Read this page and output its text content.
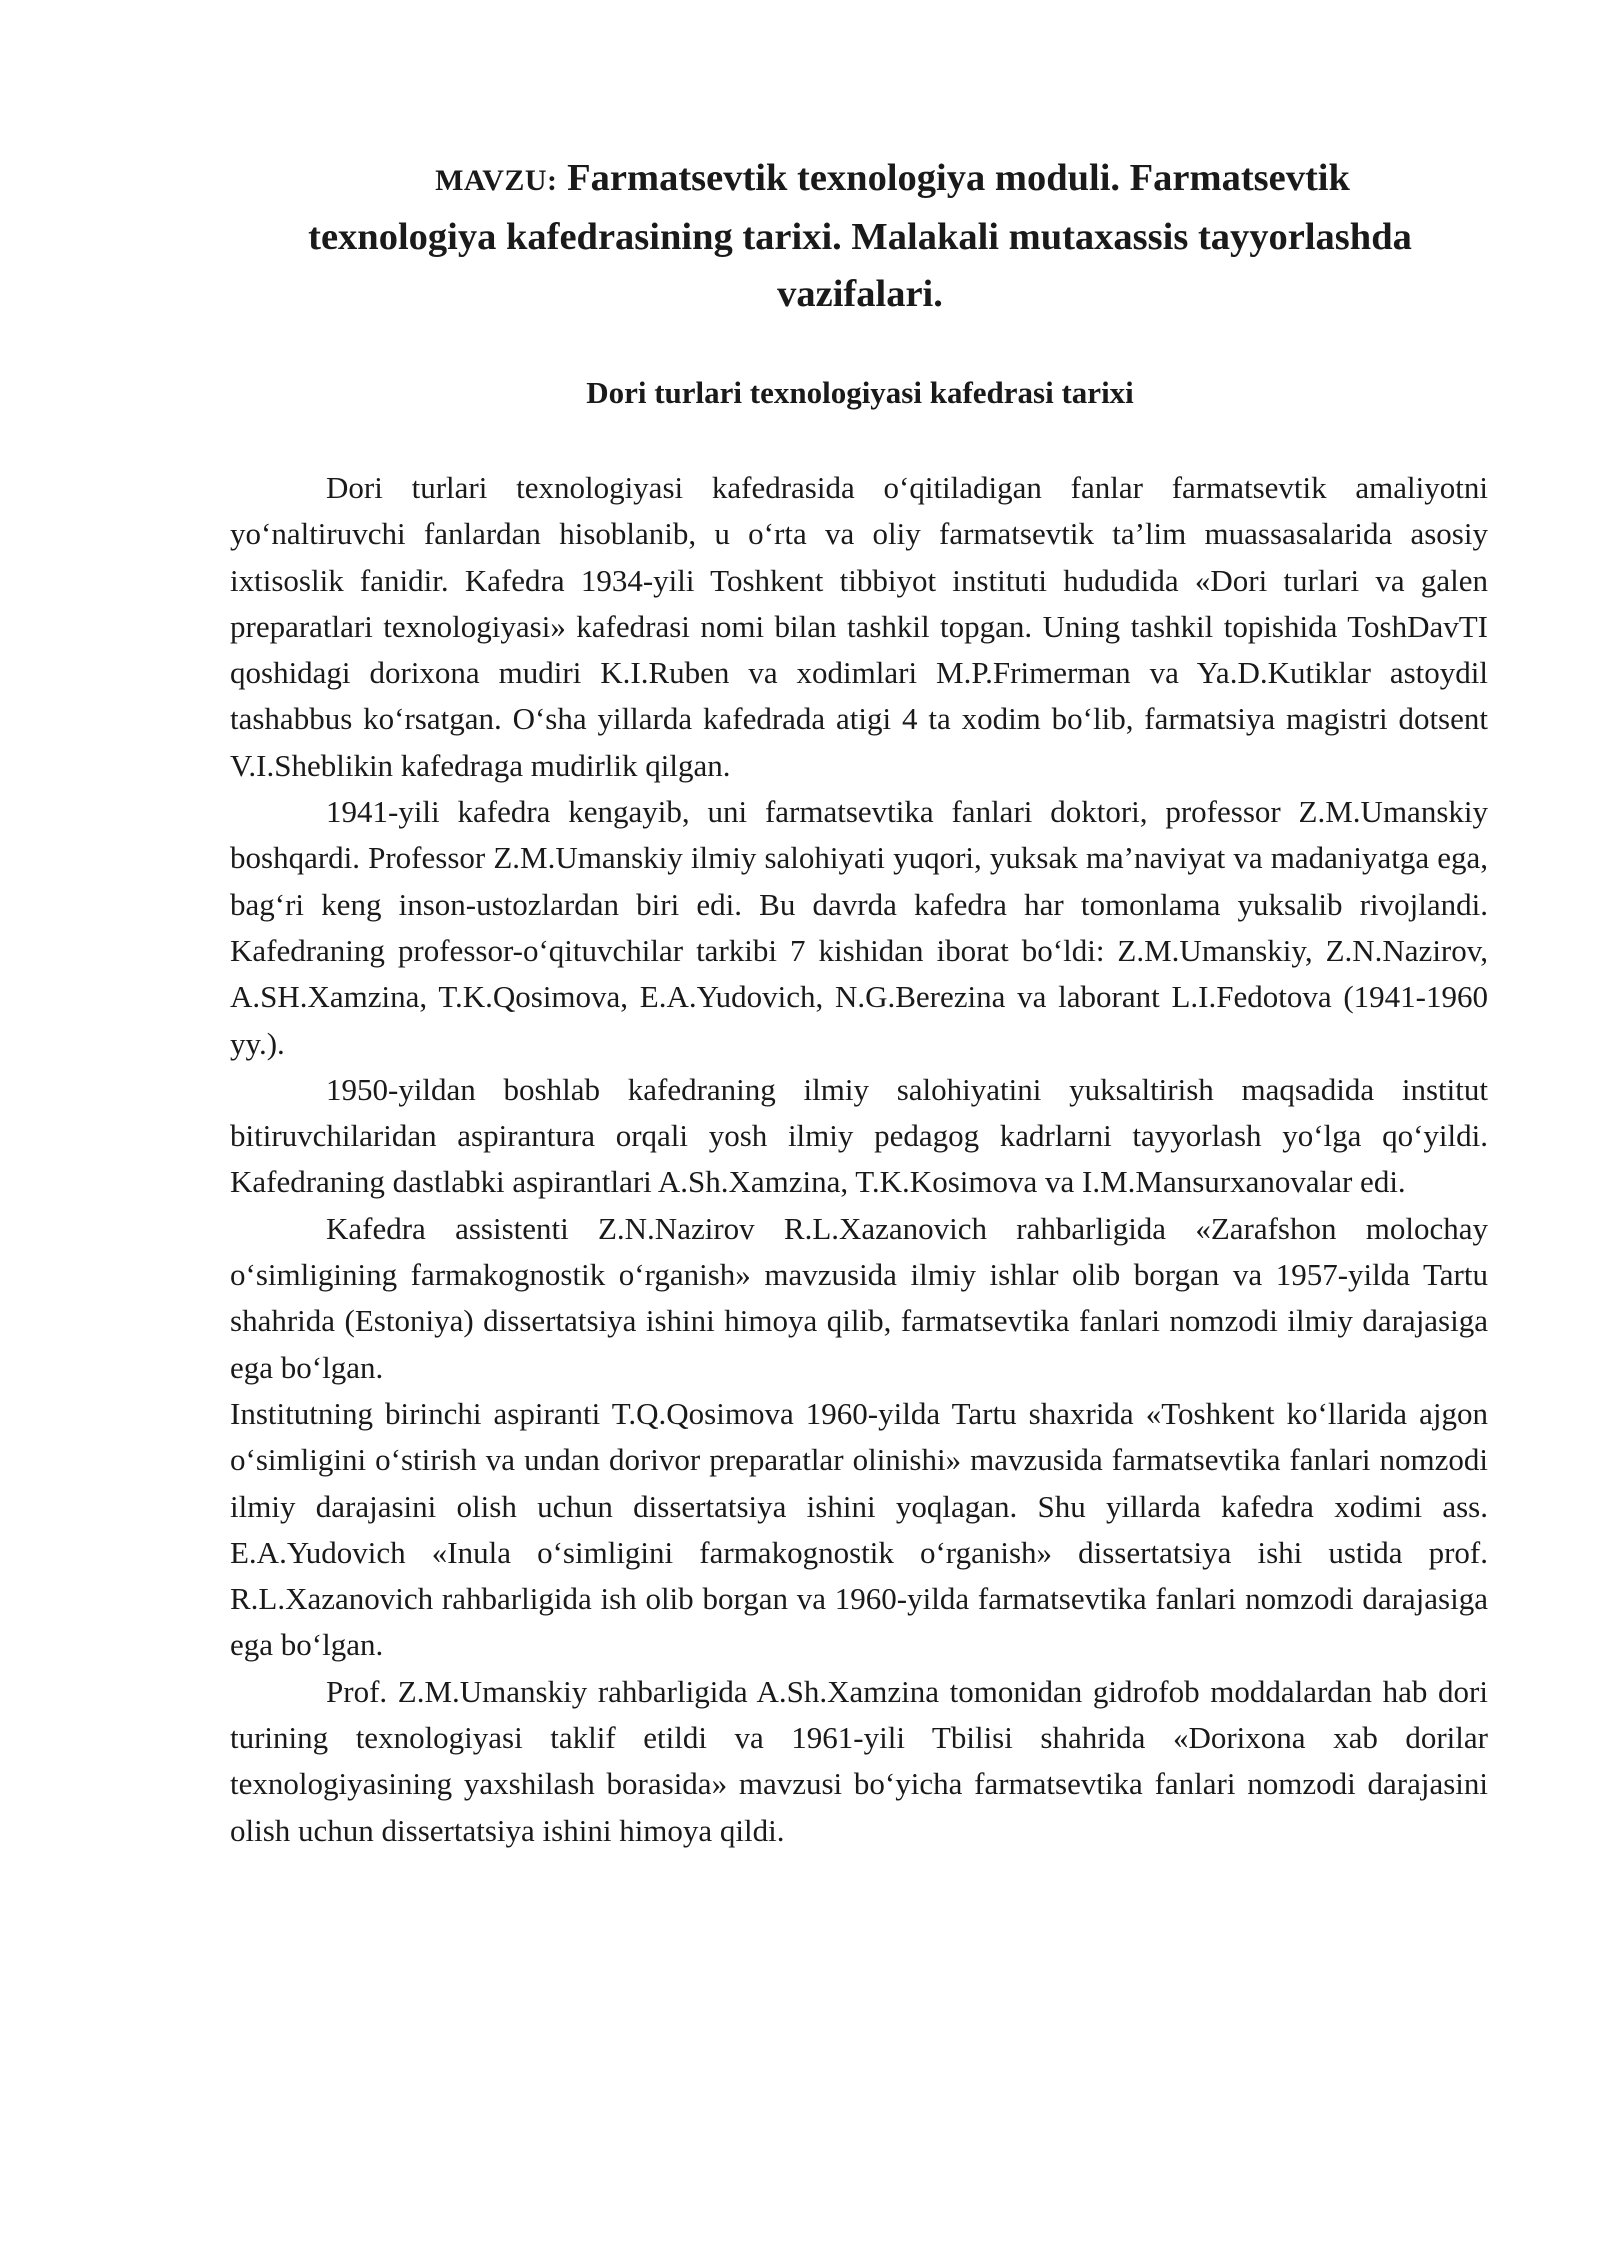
MAVZU: Farmatsevtik texnologiya moduli. Farmatsevtik
texnologiya kafedrasining tarixi. Malakali mutaxassis tayyorlashda
vazifalari.
Dori turlari texnologiyasi kafedrasi tarixi

Dori turlari texnologiyasi kafedrasida o‘qitiladigan fanlar farmatsevtik amaliyotni yo‘naltiruvchi fanlardan hisoblanib, u o‘rta va oliy farmatsevtik ta’lim muassasalarida asosiy ixtisoslik fanidir. Kafedra 1934-yili Toshkent tibbiyot instituti hududida «Dori turlari va galen preparatlari texnologiyasi» kafedrasi nomi bilan tashkil topgan. Uning tashkil topishida ToshDavTI qoshidagi dorixona mudiri K.I.Ruben va xodimlari M.P.Frimerman va Ya.D.Kutiklar astoydil tashabbus ko‘rsatgan. O‘sha yillarda kafedrada atigi 4 ta xodim bo‘lib, farmatsiya magistri dotsent V.I.Sheblikin kafedraga mudirlik qilgan.

1941-yili kafedra kengayib, uni farmatsevtika fanlari doktori, professor Z.M.Umanskiy boshqardi. Professor Z.M.Umanskiy ilmiy salohiyati yuqori, yuksak ma’naviyat va madaniyatga ega, bag‘ri keng inson-ustozlardan biri edi. Bu davrda kafedra har tomonlama yuksalib rivojlandi. Kafedraning professor-o‘qituvchilar tarkibi 7 kishidan iborat bo‘ldi: Z.M.Umanskiy, Z.N.Nazirov, A.SH.Xamzina, T.K.Qosimova, E.A.Yudovich, N.G.Berezina va laborant L.I.Fedotova (1941-1960 yy.).

1950-yildan boshlab kafedraning ilmiy salohiyatini yuksaltirish maqsadida institut bitiruvchilaridan aspirantura orqali yosh ilmiy pedagog kadrlarni tayyorlash yo‘lga qo‘yildi. Kafedraning dastlabki aspirantlari A.Sh.Xamzina, T.K.Kosimova va I.M.Mansurxanovalar edi.

Kafedra assistenti Z.N.Nazirov R.L.Xazanovich rahbarligida «Zarafshon molochay o‘simligining farmakognostik o‘rganish» mavzusida ilmiy ishlar olib borgan va 1957-yilda Tartu shahrida (Estoniya) dissertatsiya ishini himoya qilib, farmatsevtika fanlari nomzodi ilmiy darajasiga ega bo‘lgan.

Institutning birinchi aspiranti T.Q.Qosimova 1960-yilda Tartu shaxrida «Toshkent ko‘llarida ajgon o‘simligini o‘stirish va undan dorivor preparatlar olinishi» mavzusida farmatsevtika fanlari nomzodi ilmiy darajasini olish uchun dissertatsiya ishini yoqlagan. Shu yillarda kafedra xodimi ass. E.A.Yudovich «Inula o‘simligini farmakognostik o‘rganish» dissertatsiya ishi ustida prof. R.L.Xazanovich rahbarligida ish olib borgan va 1960-yilda farmatsevtika fanlari nomzodi darajasiga ega bo‘lgan.

Prof. Z.M.Umanskiy rahbarligida A.Sh.Xamzina tomonidan gidrofob moddalardan hab dori turining texnologiyasi taklif etildi va 1961-yili Tbilisi shahrida «Dorixona xab dorilar texnologiyasining yaxshilash borasida» mavzusi bo‘yicha farmatsevtika fanlari nomzodi darajasini olish uchun dissertatsiya ishini himoya qildi.
